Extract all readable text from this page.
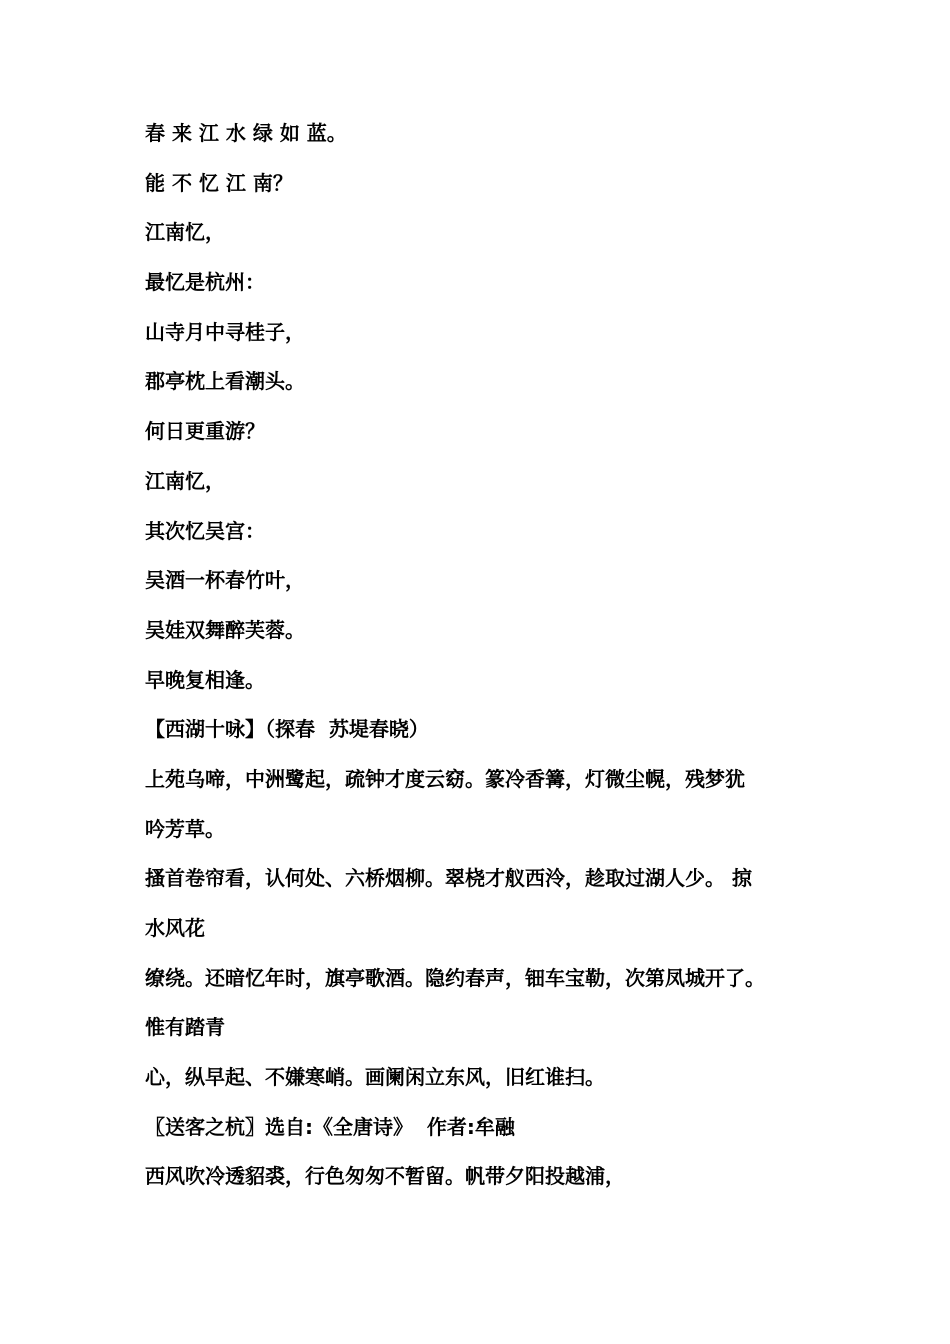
春 来 江 水 绿 如 蓝。
能 不 忆 江 南？
江南忆，
最忆是杭州：
山寺月中寻桂子，
郡亭枕上看潮头。
何日更重游？
江南忆，
其次忆吴宫：
吴酒一杯春竹叶，
吴娃双舞醉芙蓉。
早晚复相逢。
【西湖十咏】（探春  苏堤春晓）
上苑乌啼，中洲鹭起，疏钟才度云窈。篆冷香篝，灯微尘幌，残梦犹
吟芳草。
搔首卷帘看，认何处、六桥烟柳。翠桡才舣西泠，趁取过湖人少。 掠
水风花
缭绕。还暗忆年时，旗亭歌酒。隐约春声，钿车宝勒，次第凤城开了。
惟有踏青
心，纵早起、不嫌寒峭。画阑闲立东风，旧红谁扫。
〖送客之杭〗选自:《全唐诗》  作者:牟融
西风吹冷透貂裘，行色匆匆不暂留。帆带夕阳投越浦，
